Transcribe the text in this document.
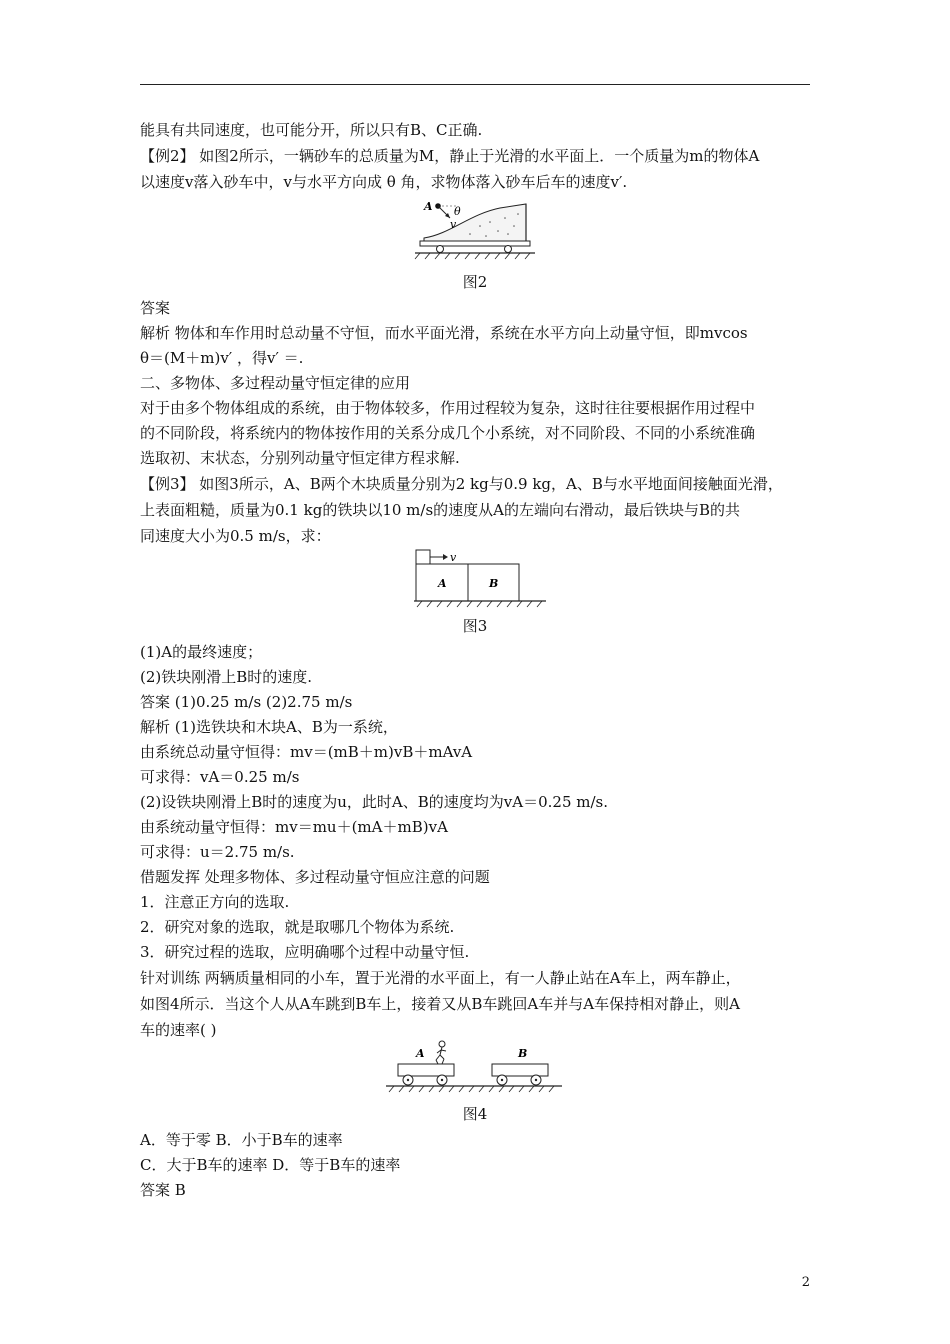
能具有共同速度，也可能分开，所以只有B、C正确.
【例2】 如图2所示，一辆砂车的总质量为M，静止于光滑的水平面上．一个质量为m的物体A
以速度v落入砂车中，v与水平方向成 θ 角，求物体落入砂车后车的速度v′.
A θ
v
图2
答案
解析 物体和车作用时总动量不守恒，而水平面光滑，系统在水平方向上动量守恒，即mvcos
θ＝(M＋m)v′ ，得v′ ＝.
二、多物体、多过程动量守恒定律的应用
对于由多个物体组成的系统，由于物体较多，作用过程较为复杂，这时往往要根据作用过程中
的不同阶段，将系统内的物体按作用的关系分成几个小系统，对不同阶段、不同的小系统准确
选取初、末状态，分别列动量守恒定律方程求解.
【例3】 如图3所示，A、B两个木块质量分别为2 kg与0.9 kg，A、B与水平地面间接触面光滑，
上表面粗糙，质量为0.1 kg的铁块以10 m/s的速度从A的左端向右滑动，最后铁块与B的共
同速度大小为0.5 m/s，求：
v
A	B
图3
(1)A的最终速度；
(2)铁块刚滑上B时的速度.
答案 (1)0.25 m/s (2)2.75 m/s
解析 (1)选铁块和木块A、B为一系统，
由系统总动量守恒得：mv＝(mB＋m)vB＋mAvA
可求得：vA＝0.25 m/s
(2)设铁块刚滑上B时的速度为u，此时A、B的速度均为vA＝0.25 m/s.
由系统动量守恒得：mv＝mu＋(mA＋mB)vA
可求得：u＝2.75 m/s.
借题发挥 处理多物体、多过程动量守恒应注意的问题
1．注意正方向的选取.
2．研究对象的选取，就是取哪几个物体为系统.
3．研究过程的选取，应明确哪个过程中动量守恒.
针对训练 两辆质量相同的小车，置于光滑的水平面上，有一人静止站在A车上，两车静止，
如图4所示．当这个人从A车跳到B车上，接着又从B车跳回A车并与A车保持相对静止，则A
车的速率( )
A	B
图4
A．等于零 B．小于B车的速率
C．大于B车的速率 D．等于B车的速率
答案 B
2
